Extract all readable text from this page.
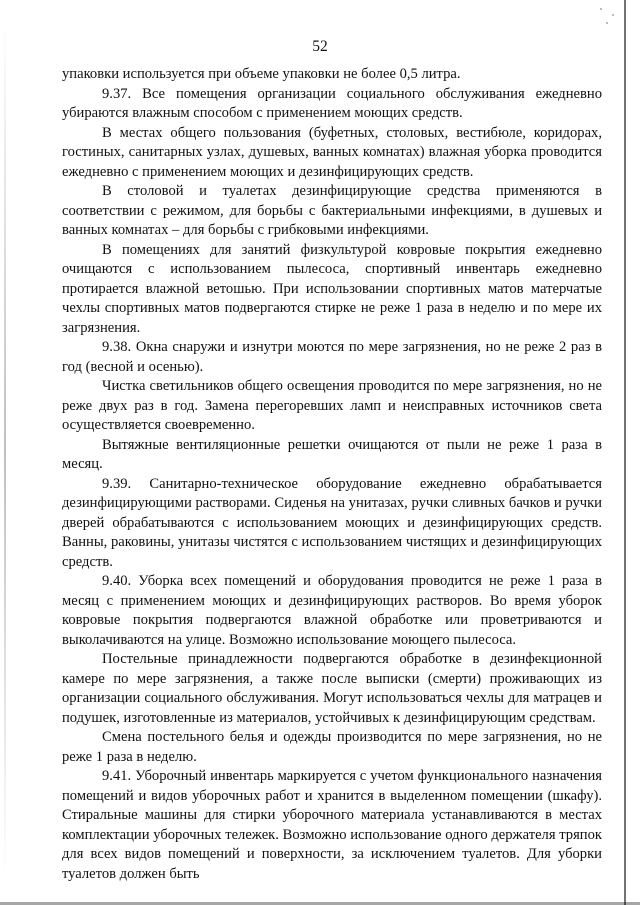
52

упаковки используется при объеме упаковки не более 0,5 литра.

9.37. Все помещения организации социального обслуживания ежедневно убираются влажным способом с применением моющих средств.

В местах общего пользования (буфетных, столовых, вестибюле, коридорах, гостиных, санитарных узлах, душевых, ванных комнатах) влажная уборка проводится ежедневно с применением моющих и дезинфицирующих средств.

В столовой и туалетах дезинфицирующие средства применяются в соответствии с режимом, для борьбы с бактериальными инфекциями, в душевых и ванных комнатах – для борьбы с грибковыми инфекциями.

В помещениях для занятий физкультурой ковровые покрытия ежедневно очищаются с использованием пылесоса, спортивный инвентарь ежедневно протирается влажной ветошью. При использовании спортивных матов матерчатые чехлы спортивных матов подвергаются стирке не реже 1 раза в неделю и по мере их загрязнения.

9.38. Окна снаружи и изнутри моются по мере загрязнения, но не реже 2 раз в год (весной и осенью).

Чистка светильников общего освещения проводится по мере загрязнения, но не реже двух раз в год. Замена перегоревших ламп и неисправных источников света осуществляется своевременно.

Вытяжные вентиляционные решетки очищаются от пыли не реже 1 раза в месяц.

9.39. Санитарно-техническое оборудование ежедневно обрабатывается дезинфицирующими растворами. Сиденья на унитазах, ручки сливных бачков и ручки дверей обрабатываются с использованием моющих и дезинфицирующих средств. Ванны, раковины, унитазы чистятся с использованием чистящих и дезинфицирующих средств.

9.40. Уборка всех помещений и оборудования проводится не реже 1 раза в месяц с применением моющих и дезинфицирующих растворов. Во время уборок ковровые покрытия подвергаются влажной обработке или проветриваются и выколачиваются на улице. Возможно использование моющего пылесоса.

Постельные принадлежности подвергаются обработке в дезинфекционной камере по мере загрязнения, а также после выписки (смерти) проживающих из организации социального обслуживания. Могут использоваться чехлы для матрацев и подушек, изготовленные из материалов, устойчивых к дезинфицирующим средствам.

Смена постельного белья и одежды производится по мере загрязнения, но не реже 1 раза в неделю.

9.41. Уборочный инвентарь маркируется с учетом функционального назначения помещений и видов уборочных работ и хранится в выделенном помещении (шкафу). Стиральные машины для стирки уборочного материала устанавливаются в местах комплектации уборочных тележек. Возможно использование одного держателя тряпок для всех видов помещений и поверхности, за исключением туалетов. Для уборки туалетов должен быть
